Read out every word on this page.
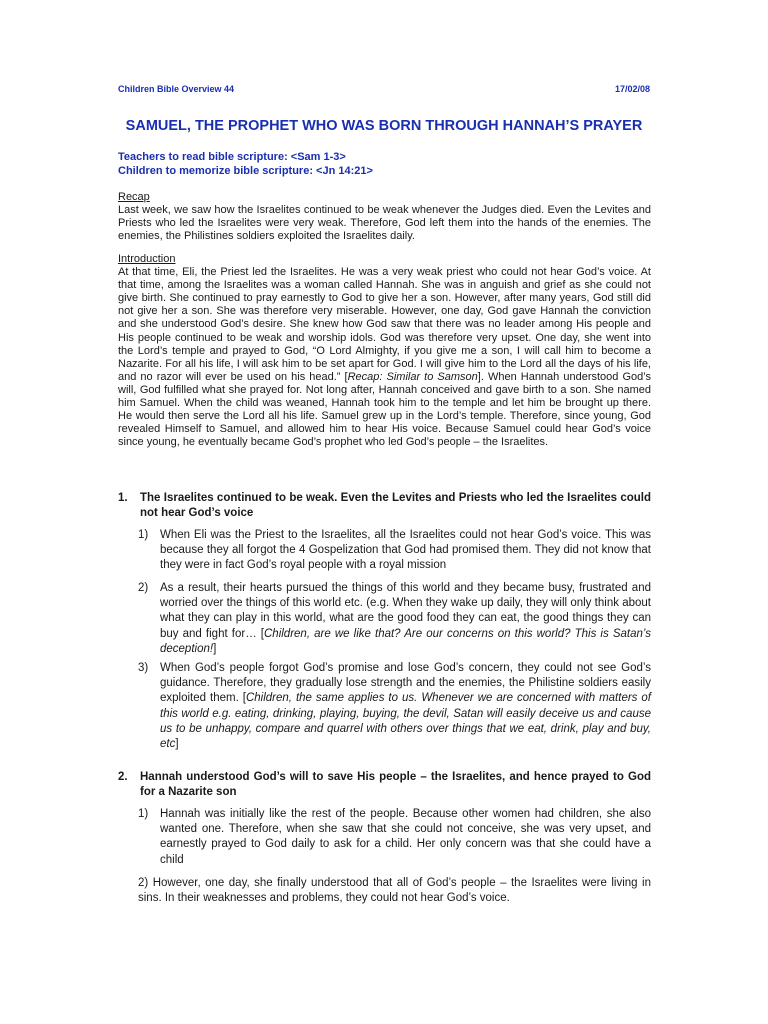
Children Bible Overview 44	17/02/08
SAMUEL, THE PROPHET WHO WAS BORN THROUGH HANNAH’S PRAYER
Teachers to read bible scripture: <Sam 1-3>
Children to memorize bible scripture: <Jn 14:21>
Recap
Last week, we saw how the Israelites continued to be weak whenever the Judges died. Even the Levites and Priests who led the Israelites were very weak. Therefore, God left them into the hands of the enemies. The enemies, the Philistines soldiers exploited the Israelites daily.
Introduction
At that time, Eli, the Priest led the Israelites. He was a very weak priest who could not hear God’s voice. At that time, among the Israelites was a woman called Hannah. She was in anguish and grief as she could not give birth. She continued to pray earnestly to God to give her a son. However, after many years, God still did not give her a son. She was therefore very miserable. However, one day, God gave Hannah the conviction and she understood God’s desire. She knew how God saw that there was no leader among His people and His people continued to be weak and worship idols. God was therefore very upset. One day, she went into the Lord’s temple and prayed to God, “O Lord Almighty, if you give me a son, I will call him to become a Nazarite. For all his life, I will ask him to be set apart for God. I will give him to the Lord all the days of his life, and no razor will ever be used on his head.” [Recap: Similar to Samson]. When Hannah understood God’s will, God fulfilled what she prayed for. Not long after, Hannah conceived and gave birth to a son. She named him Samuel. When the child was weaned, Hannah took him to the temple and let him be brought up there. He would then serve the Lord all his life. Samuel grew up in the Lord’s temple. Therefore, since young, God revealed Himself to Samuel, and allowed him to hear His voice. Because Samuel could hear God’s voice since young, he eventually became God’s prophet who led God’s people – the Israelites.
1. The Israelites continued to be weak. Even the Levites and Priests who led the Israelites could not hear God’s voice
1) When Eli was the Priest to the Israelites, all the Israelites could not hear God’s voice. This was because they all forgot the 4 Gospelization that God had promised them. They did not know that they were in fact God’s royal people with a royal mission
2) As a result, their hearts pursued the things of this world and they became busy, frustrated and worried over the things of this world etc. (e.g. When they wake up daily, they will only think about what they can play in this world, what are the good food they can eat, the good things they can buy and fight for… [Children, are we like that? Are our concerns on this world? This is Satan’s deception!]
3) When God’s people forgot God’s promise and lose God’s concern, they could not see God’s guidance. Therefore, they gradually lose strength and the enemies, the Philistine soldiers easily exploited them. [Children, the same applies to us. Whenever we are concerned with matters of this world e.g. eating, drinking, playing, buying, the devil, Satan will easily deceive us and cause us to be unhappy, compare and quarrel with others over things that we eat, drink, play and buy, etc]
2. Hannah understood God’s will to save His people – the Israelites, and hence prayed to God for a Nazarite son
1) Hannah was initially like the rest of the people. Because other women had children, she also wanted one. Therefore, when she saw that she could not conceive, she was very upset, and earnestly prayed to God daily to ask for a child. Her only concern was that she could have a child
2) However, one day, she finally understood that all of God’s people – the Israelites were living in sins. In their weaknesses and problems, they could not hear God’s voice.
